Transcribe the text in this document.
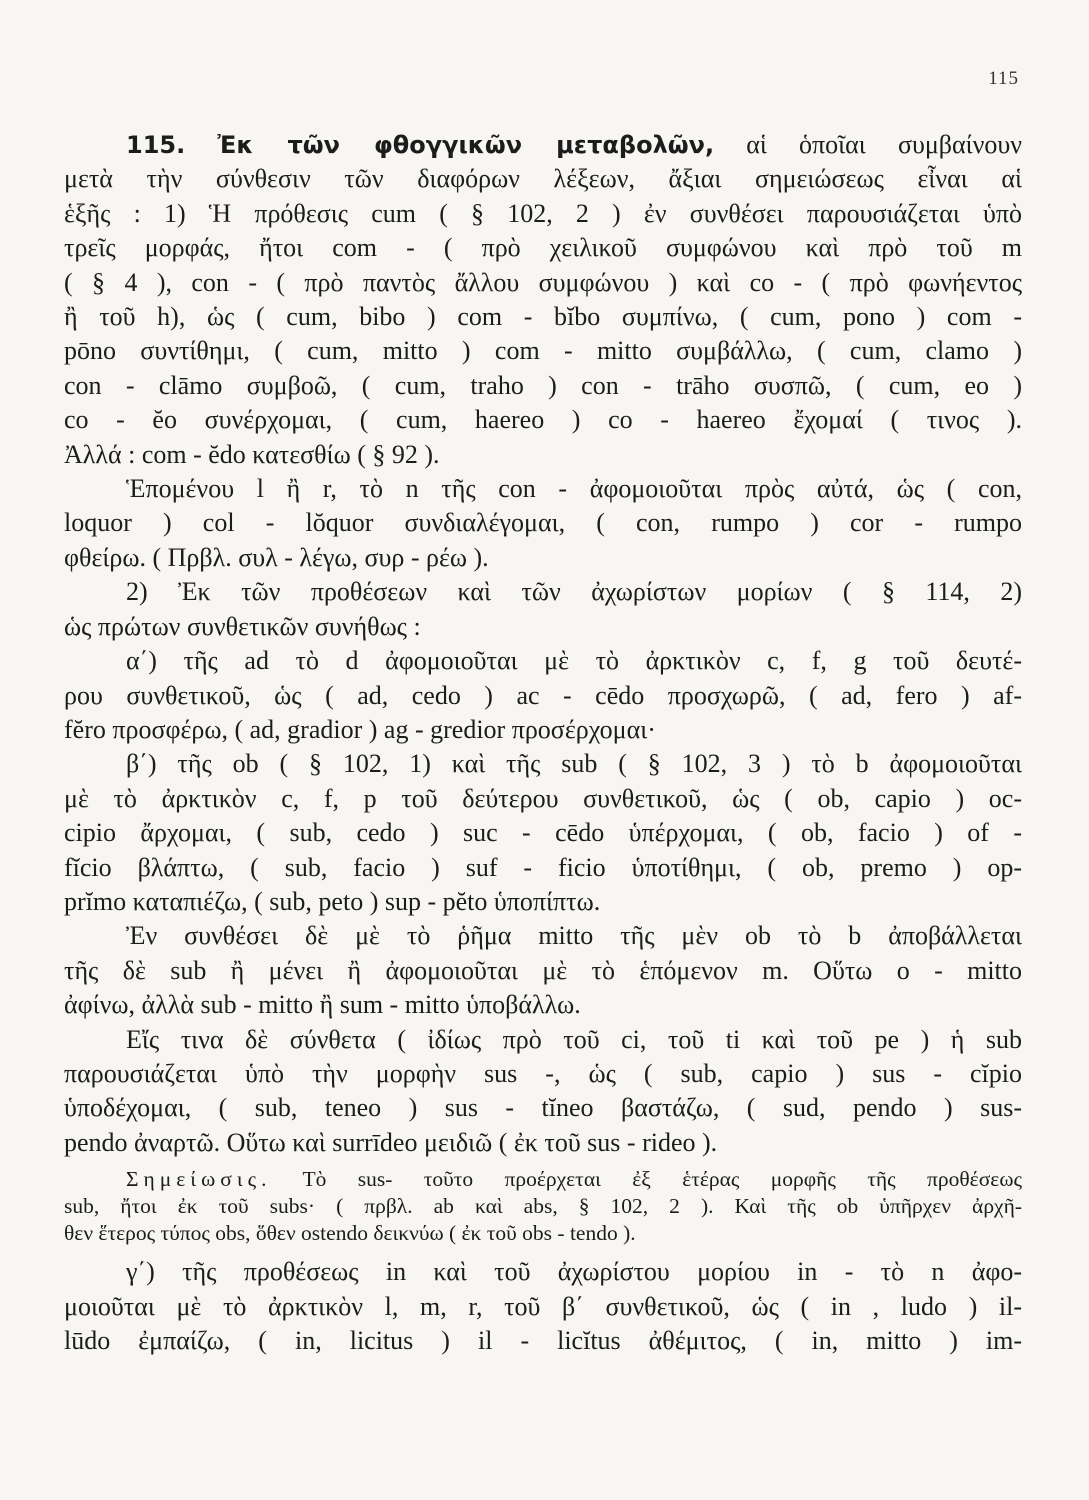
115
115. Ἐκ τῶν φθογγικῶν μεταβολῶν, αἱ ὁποῖαι συμβαίνουν
μετὰ τὴν σύνθεσιν τῶν διαφόρων λέξεων, ἄξιαι σημειώσεως εἶναι αἱ
ἑξῆς : 1) Ἡ πρόθεσις cum ( § 102, 2 ) ἐν συνθέσει παρουσιάζεται ὑπὸ
τρεῖς μορφάς, ἤτοι com - ( πρὸ χειλικοῦ συμφώνου καὶ πρὸ τοῦ m
( § 4 ), con - ( πρὸ παντὸς ἄλλου συμφώνου ) καὶ co - ( πρὸ φωνήεντος
ἢ τοῦ h), ὡς ( cum, bibo ) com - bĭbo συμπίνω, ( cum, pono ) com -
pōno συντίθημι, ( cum, mitto ) com - mitto συμβάλλω, ( cum, clamo )
con - clāmo συμβοῶ, ( cum, traho ) con - trāho συσπῶ, ( cum, eo )
co - ĕo συνέρχομαι, ( cum, haereo ) co - haereo ἔχομαί ( τινος ).
Ἀλλά : com - ĕdo κατεσθίω ( § 92 ).
Ἑπομένου l ἢ r, τὸ n τῆς con - ἀφομοιοῦται πρὸς αὐτά, ὡς ( con,
loquor ) col - lŏquor συνδιαλέγομαι, ( con, rumpo ) cor - rumpo
φθείρω. ( Πρβλ. συλ - λέγω, συρ - ρέω ).
2) Ἐκ τῶν προθέσεων καὶ τῶν ἀχωρίστων μορίων ( § 114, 2)
ὡς πρώτων συνθετικῶν συνήθως :
α΄) τῆς ad τὸ d ἀφομοιοῦται μὲ τὸ ἀρκτικὸν c, f, g τοῦ δευτέ-
ρου συνθετικοῦ, ὡς ( ad, cedo ) ac - cēdo προσχωρῶ, ( ad, fero ) af-
fĕro προσφέρω, ( ad, gradior ) ag - gredior προσέρχομαι·
β΄) τῆς ob ( § 102, 1) καὶ τῆς sub ( § 102, 3 ) τὸ b ἀφομοιοῦται
μὲ τὸ ἀρκτικὸν c, f, p τοῦ δεύτερου συνθετικοῦ, ὡς ( ob, capio ) oc-
cipio ἄρχομαι, ( sub, cedo ) suc - cēdo ὑπέρχομαι, ( ob, facio ) of -
fĭcio βλάπτω, ( sub, facio ) suf - ficio ὑποτίθημι, ( ob, premo ) op-
prĭmo καταπιέζω, ( sub, peto ) sup - pĕto ὑποπίπτω.
Ἐν συνθέσει δὲ μὲ τὸ ῥῆμα mitto τῆς μὲν ob τὸ b ἀποβάλλεται
τῆς δὲ sub ἢ μένει ἢ ἀφομοιοῦται μὲ τὸ ἑπόμενον m. Οὕτω o - mitto
ἀφίνω, ἀλλὰ sub - mitto ἢ sum - mitto ὑποβάλλω.
Εἴς τινα δὲ σύνθετα ( ἰδίως πρὸ τοῦ ci, τοῦ ti καὶ τοῦ pe ) ἡ sub
παρουσιάζεται ὑπὸ τὴν μορφὴν sus -, ὡς ( sub, capio ) sus - cĭpio
ὑποδέχομαι, ( sub, teneo ) sus - tĭneo βαστάζω, ( sud, pendo ) sus-
pendo ἀναρτῶ. Οὕτω καὶ surrīdeo μειδιῶ ( ἐκ τοῦ sus - rideo ).
Σημείωσις. Τὸ sus- τοῦτο προέρχεται ἐξ ἑτέρας μορφῆς τῆς προθέσεως
sub, ἤτοι ἐκ τοῦ subs· ( πρβλ. ab καὶ abs, § 102, 2 ). Καὶ τῆς ob ὑπῆρχεν ἀρχῆ-
θεν ἕτερος τύπος obs, ὅθεν ostendo δεικνύω ( ἐκ τοῦ obs - tendo ).
γ΄) τῆς προθέσεως in καὶ τοῦ ἀχωρίστου μορίου in - τὸ n ἀφο-
μοιοῦται μὲ τὸ ἀρκτικὸν l, m, r, τοῦ β΄ συνθετικοῦ, ὡς ( in , ludo ) il-
lūdo ἐμπαίζω, ( in, licitus ) il - licĭtus ἀθέμιτος, ( in, mitto ) im-
